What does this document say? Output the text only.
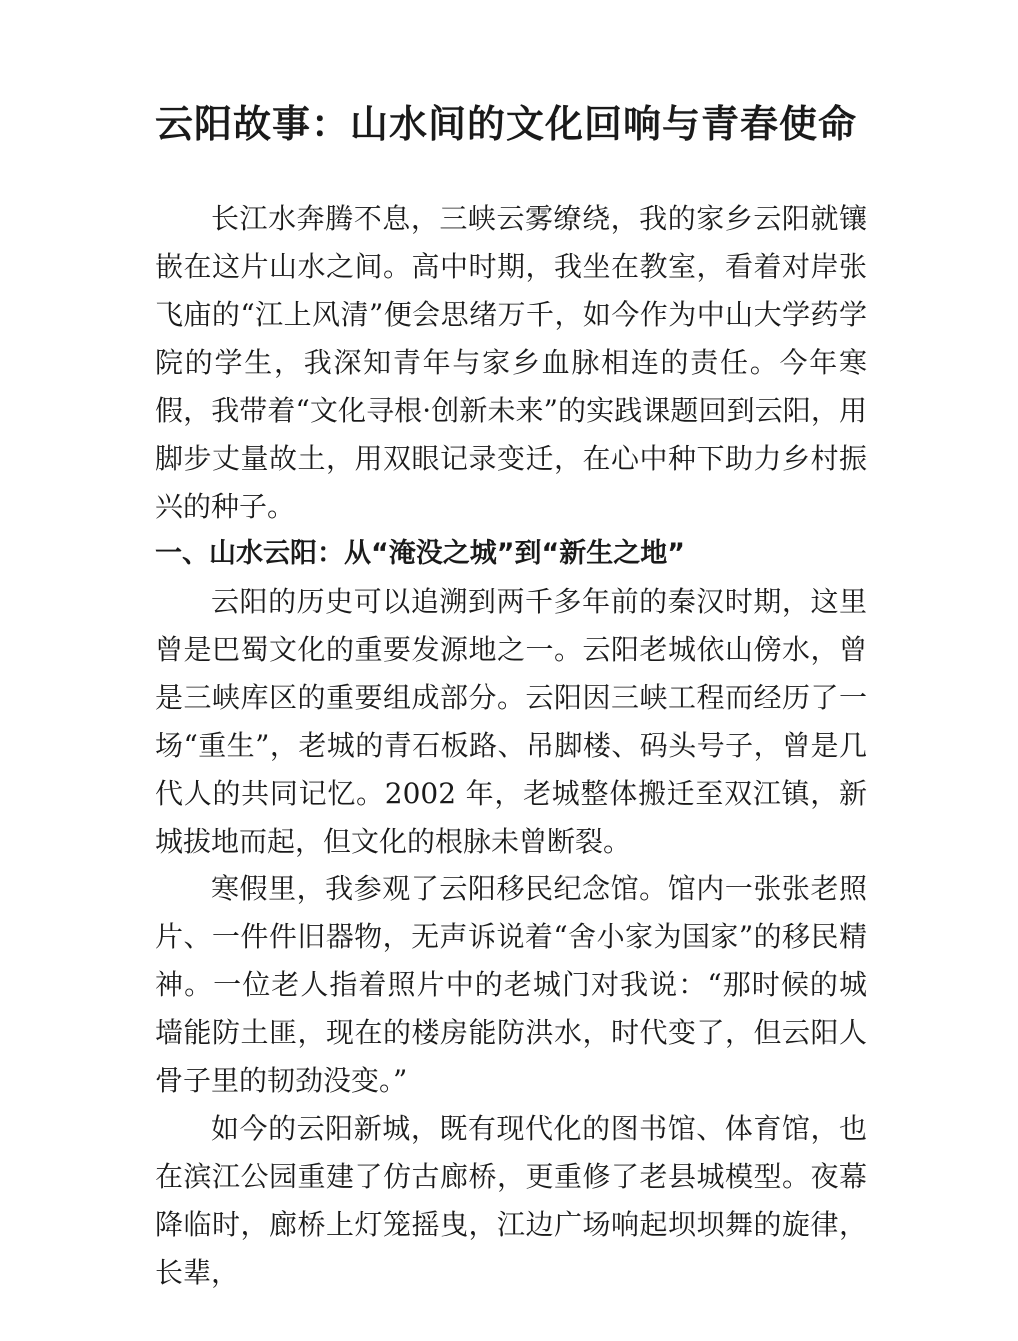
云阳故事：山水间的文化回响与青春使命

长江水奔腾不息，三峡云雾缭绕，我的家乡云阳就镶嵌在这片山水之间。高中时期，我坐在教室，看着对岸张飞庙的“江上风清”便会思绪万千，如今作为中山大学药学院的学生，我深知青年与家乡血脉相连的责任。今年寒假，我带着“文化寻根·创新未来”的实践课题回到云阳，用脚步丈量故土，用双眼记录变迁，在心中种下助力乡村振兴的种子。

一、山水云阳：从“淹没之城”到“新生之地”

云阳的历史可以追溯到两千多年前的秦汉时期，这里曾是巴蜀文化的重要发源地之一。云阳老城依山傍水，曾是三峡库区的重要组成部分。云阳因三峡工程而经历了一场“重生”，老城的青石板路、吊脚楼、码头号子，曾是几代人的共同记忆。2002 年，老城整体搬迁至双江镇，新城拔地而起，但文化的根脉未曾断裂。

寒假里，我参观了云阳移民纪念馆。馆内一张张老照片、一件件旧器物，无声诉说着“舍小家为国家”的移民精神。一位老人指着照片中的老城门对我说：“那时候的城墙能防土匪，现在的楼房能防洪水，时代变了，但云阳人骨子里的韧劲没变。”

如今的云阳新城，既有现代化的图书馆、体育馆，也在滨江公园重建了仿古廊桥，更重修了老县城模型。夜幕降临时，廊桥上灯笼摇曳，江边广场响起坝坝舞的旋律，长辈，
